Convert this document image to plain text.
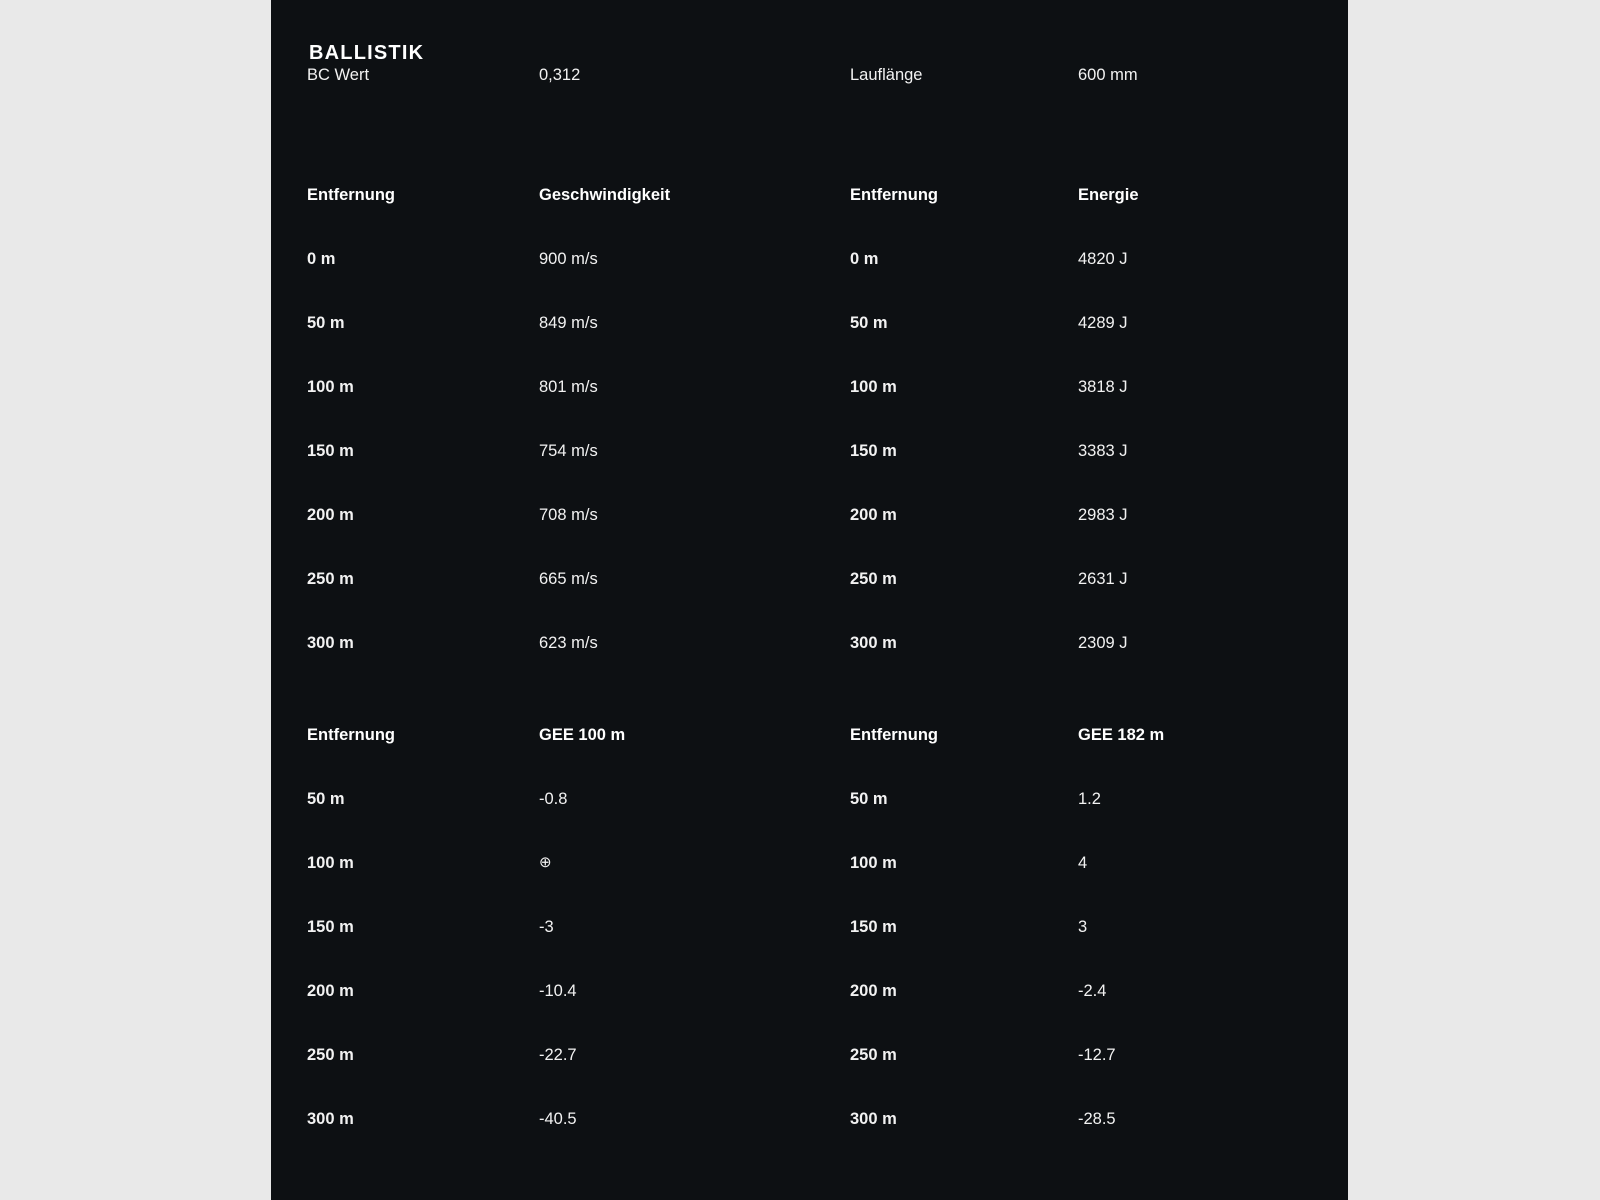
BALLISTIK
BC Wert	0,312	Lauflänge	600 mm

Entfernung	Geschwindigkeit	Entfernung	Energie
0 m	900 m/s	0 m	4820 J
50 m	849 m/s	50 m	4289 J
100 m	801 m/s	100 m	3818 J
150 m	754 m/s	150 m	3383 J
200 m	708 m/s	200 m	2983 J
250 m	665 m/s	250 m	2631 J
300 m	623 m/s	300 m	2309 J

Entfernung	GEE 100 m	Entfernung	GEE 182 m
50 m	-0.8	50 m	1.2
100 m	⊕	100 m	4
150 m	-3	150 m	3
200 m	-10.4	200 m	-2.4
250 m	-22.7	250 m	-12.7
300 m	-40.5	300 m	-28.5
